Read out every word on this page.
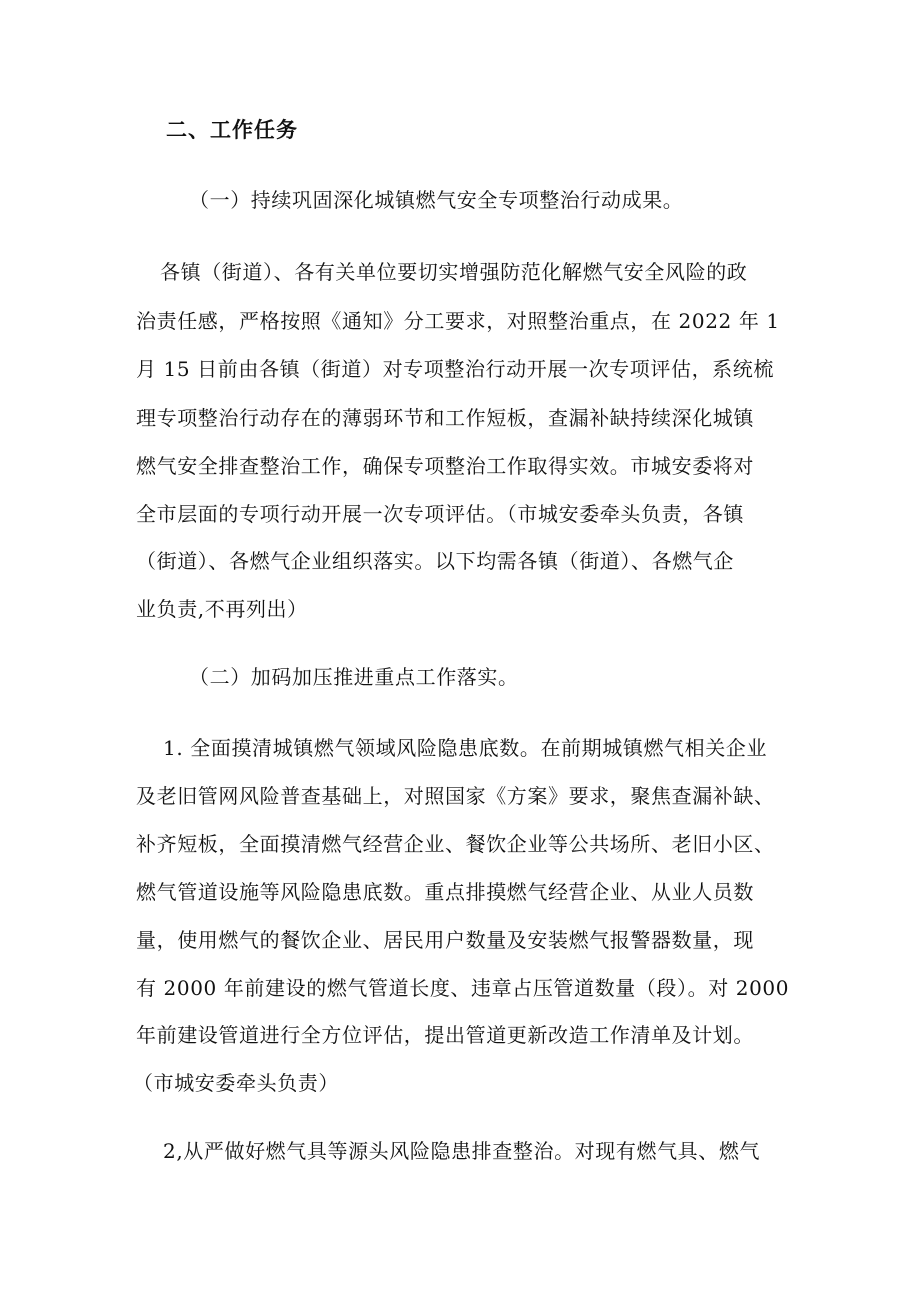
二、工作任务
（一）持续巩固深化城镇燃气安全专项整治行动成果。
各镇（街道）、各有关单位要切实增强防范化解燃气安全风险的政
治责任感，严格按照《通知》分工要求，对照整治重点，在 2022 年 1
月 15 日前由各镇（街道）对专项整治行动开展一次专项评估，系统梳
理专项整治行动存在的薄弱环节和工作短板，查漏补缺持续深化城镇
燃气安全排查整治工作，确保专项整治工作取得实效。市城安委将对
全市层面的专项行动开展一次专项评估。（市城安委牵头负责，各镇
（街道）、各燃气企业组织落实。以下均需各镇（街道）、各燃气企
业负责,不再列出）
（二）加码加压推进重点工作落实。
1. 全面摸清城镇燃气领域风险隐患底数。在前期城镇燃气相关企业
及老旧管网风险普查基础上，对照国家《方案》要求，聚焦查漏补缺、
补齐短板，全面摸清燃气经营企业、餐饮企业等公共场所、老旧小区、
燃气管道设施等风险隐患底数。重点排摸燃气经营企业、从业人员数
量，使用燃气的餐饮企业、居民用户数量及安装燃气报警器数量，现
有 2000 年前建设的燃气管道长度、违章占压管道数量（段）。对 2000
年前建设管道进行全方位评估，提出管道更新改造工作清单及计划。
（市城安委牵头负责）
2,从严做好燃气具等源头风险隐患排查整治。对现有燃气具、燃气
